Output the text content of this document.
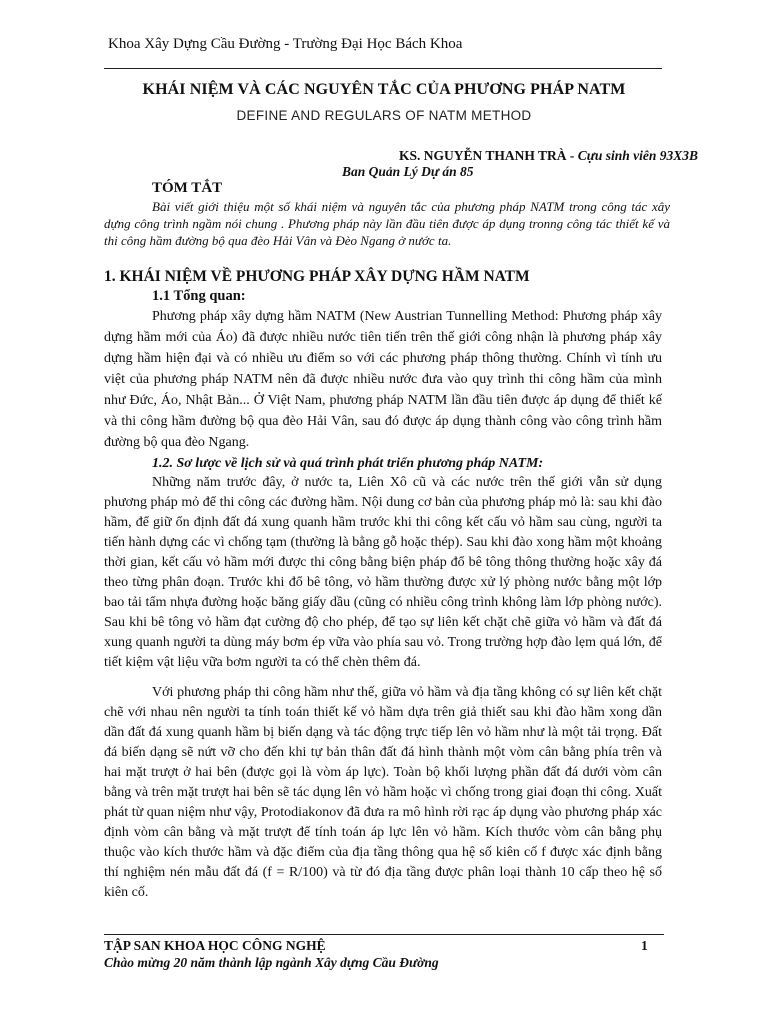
Khoa Xây Dựng Cầu Đường - Trường Đại Học Bách Khoa
KHÁI NIỆM VÀ CÁC NGUYÊN TẮC CỦA PHƯƠNG PHÁP NATM
DEFINE AND REGULARS OF NATM METHOD
KS. NGUYỄN THANH TRÀ - Cựu sinh viên 93X3B
Ban Quản Lý Dự án 85
TÓM TẮT
Bài viết giới thiệu một số khái niệm và nguyên tắc của phương pháp NATM trong công tác xây dựng công trình ngầm nói chung . Phương pháp này lần đầu tiên được áp dụng tronng công tác thiết kế và thi công hầm đường bộ qua đèo Hải Vân và Đèo Ngang ở nước ta.
1. KHÁI NIỆM VỀ PHƯƠNG PHÁP XÂY DỰNG HẦM NATM
1.1 Tổng quan:

Phương pháp xây dựng hầm NATM (New Austrian Tunnelling Method: Phương pháp xây dựng hầm mới của Áo) đã được nhiều nước tiên tiến trên thế giới công nhận là phương pháp xây dựng hầm hiện đại và có nhiều ưu điểm so với các phương pháp thông thường. Chính vì tính ưu việt của phương pháp NATM nên đã được nhiều nước đưa vào quy trình thi công hầm của mình như Đức, Áo, Nhật Bản... Ở Việt Nam, phương pháp NATM lần đầu tiên được áp dụng để thiết kế và thi công hầm đường bộ qua đèo Hải Vân, sau đó được áp dụng thành công vào công trình hầm đường bộ qua đèo Ngang.

1.2. Sơ lược về lịch sử và quá trình phát triển phương pháp NATM:

Những năm trước đây, ở nước ta, Liên Xô cũ và các nước trên thế giới vẫn sử dụng phương pháp mỏ để thi công các đường hầm. Nội dung cơ bản của phương pháp mỏ là: sau khi đào hầm, để giữ ổn định đất đá xung quanh hầm trước khi thi công kết cấu vỏ hầm sau cùng, người ta tiến hành dựng các vì chống tạm (thường là bằng gỗ hoặc thép). Sau khi đào xong hầm một khoảng thời gian, kết cấu vỏ hầm mới được thi công bằng biện pháp đổ bê tông thông thường hoặc xây đá theo từng phân đoạn. Trước khi đổ bê tông, vỏ hầm thường được xử lý phòng nước bằng một lớp bao tải tẩm nhựa đường hoặc băng giấy dầu (cũng có nhiều công trình không làm lớp phòng nước). Sau khi bê tông vỏ hầm đạt cường độ cho phép, để tạo sự liên kết chặt chẽ giữa vỏ hầm và đất đá xung quanh người ta dùng máy bơm ép vữa vào phía sau vỏ. Trong trường hợp đào lẹm quá lớn, để tiết kiệm vật liệu vữa bơm người ta có thể chèn thêm đá.

Với phương pháp thi công hầm như thế, giữa vỏ hầm và địa tầng không có sự liên kết chặt chẽ với nhau nên người ta tính toán thiết kế vỏ hầm dựa trên giả thiết sau khi đào hầm xong dần dần đất đá xung quanh hầm bị biến dạng và tác động trực tiếp lên vỏ hầm như là một tải trọng. Đất đá biến dạng sẽ nứt vỡ cho đến khi tự bản thân đất đá hình thành một vòm cân bằng phía trên và hai mặt trượt ở hai bên (được gọi là vòm áp lực). Toàn bộ khối lượng phần đất đá dưới vòm cân bằng và trên mặt trượt hai bên sẽ tác dụng lên vỏ hầm hoặc vì chống trong giai đoạn thi công. Xuất phát từ quan niệm như vậy, Protodiakonov đã đưa ra mô hình rời rạc áp dụng vào phương pháp xác định vòm cân bằng và mặt trượt để tính toán áp lực lên vỏ hầm. Kích thước vòm cân bằng phụ thuộc vào kích thước hầm và đặc điểm của địa tầng thông qua hệ số kiên cố f được xác định bằng thí nghiệm nén mẫu đất đá (f = R/100) và từ đó địa tầng được phân loại thành 10 cấp theo hệ số kiên cố.

TẬP SAN KHOA HỌC CÔNG NGHỆ	1
Chào mừng 20 năm thành lập ngành Xây dựng Cầu Đường
